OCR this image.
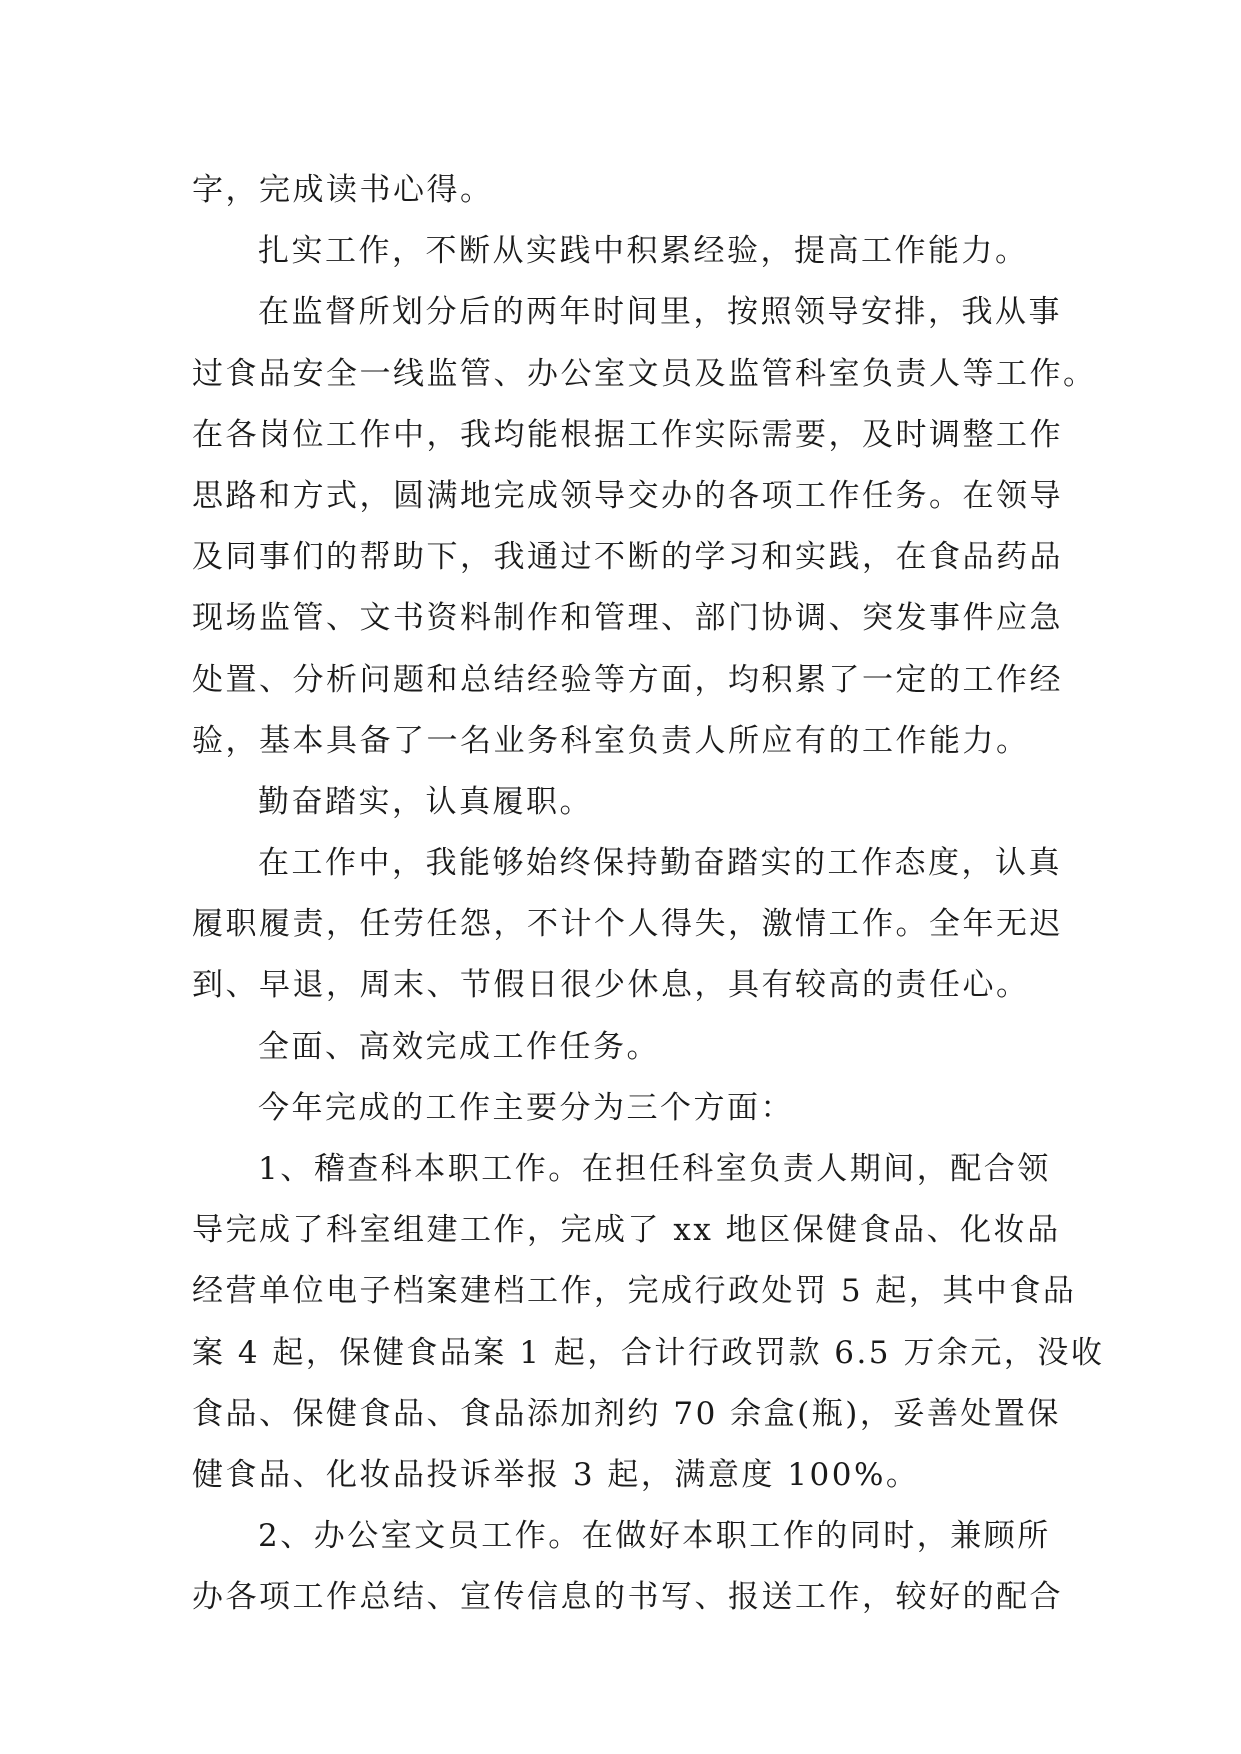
字，完成读书心得。
扎实工作，不断从实践中积累经验，提高工作能力。
在监督所划分后的两年时间里，按照领导安排，我从事
过食品安全一线监管、办公室文员及监管科室负责人等工作。
在各岗位工作中，我均能根据工作实际需要，及时调整工作
思路和方式，圆满地完成领导交办的各项工作任务。在领导
及同事们的帮助下，我通过不断的学习和实践，在食品药品
现场监管、文书资料制作和管理、部门协调、突发事件应急
处置、分析问题和总结经验等方面，均积累了一定的工作经
验，基本具备了一名业务科室负责人所应有的工作能力。
勤奋踏实，认真履职。
在工作中，我能够始终保持勤奋踏实的工作态度，认真
履职履责，任劳任怨，不计个人得失，激情工作。全年无迟
到、早退，周末、节假日很少休息，具有较高的责任心。
全面、高效完成工作任务。
今年完成的工作主要分为三个方面：
1、稽查科本职工作。在担任科室负责人期间，配合领
导完成了科室组建工作，完成了 xx 地区保健食品、化妆品
经营单位电子档案建档工作，完成行政处罚 5 起，其中食品
案 4 起，保健食品案 1 起，合计行政罚款 6.5 万余元，没收
食品、保健食品、食品添加剂约 70 余盒(瓶)，妥善处置保
健食品、化妆品投诉举报 3 起，满意度 100%。
2、办公室文员工作。在做好本职工作的同时，兼顾所
办各项工作总结、宣传信息的书写、报送工作，较好的配合
